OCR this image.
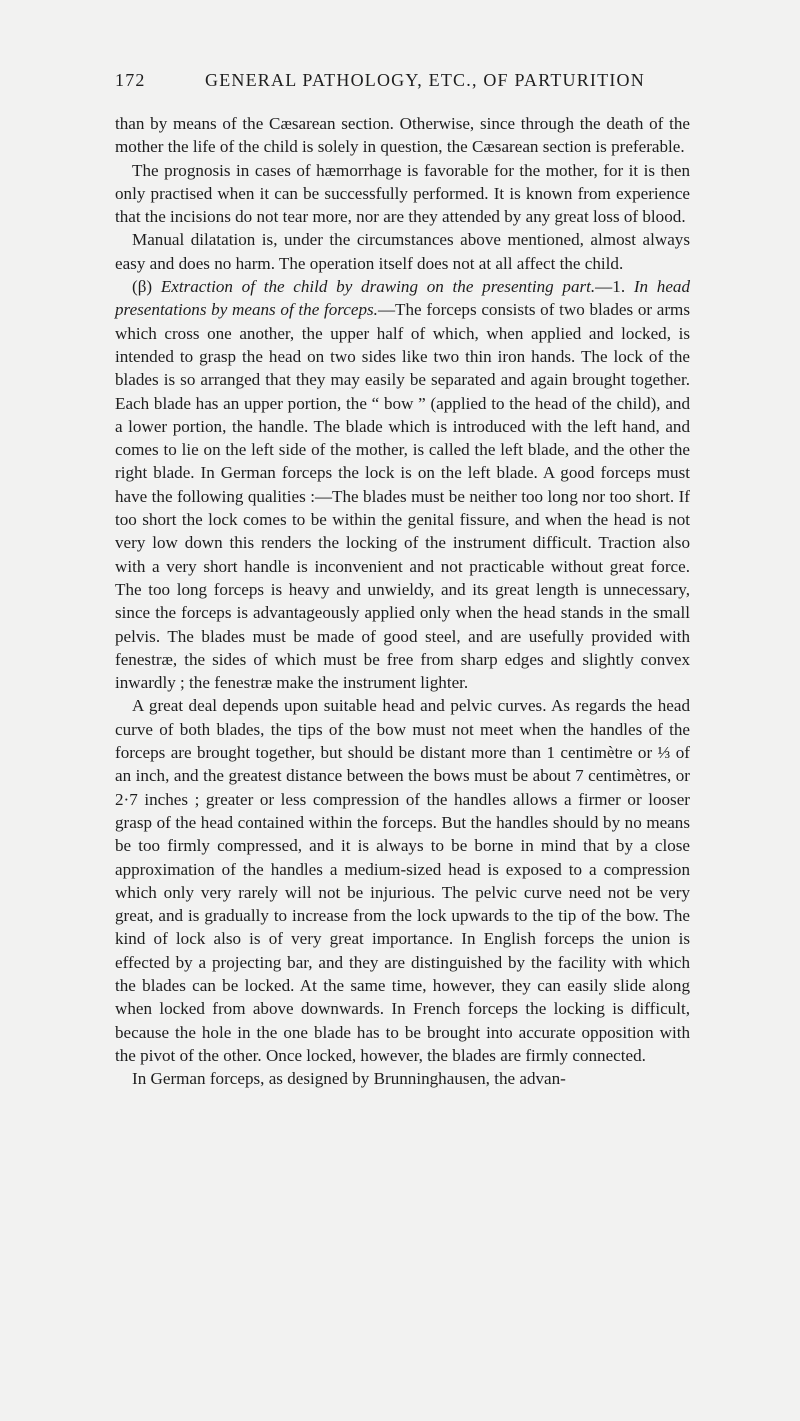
172	GENERAL PATHOLOGY, ETC., OF PARTURITION

than by means of the Cæsarean section. Otherwise, since through the death of the mother the life of the child is solely in question, the Cæsarean section is preferable.

The prognosis in cases of hæmorrhage is favorable for the mother, for it is then only practised when it can be successfully performed. It is known from experience that the incisions do not tear more, nor are they attended by any great loss of blood.

Manual dilatation is, under the circumstances above mentioned, almost always easy and does no harm. The operation itself does not at all affect the child.

(β) Extraction of the child by drawing on the presenting part.—1. In head presentations by means of the forceps.—The forceps consists of two blades or arms which cross one another, the upper half of which, when applied and locked, is intended to grasp the head on two sides like two thin iron hands. The lock of the blades is so arranged that they may easily be separated and again brought together. Each blade has an upper portion, the “ bow ” (applied to the head of the child), and a lower portion, the handle. The blade which is introduced with the left hand, and comes to lie on the left side of the mother, is called the left blade, and the other the right blade. In German forceps the lock is on the left blade. A good forceps must have the following qualities :—The blades must be neither too long nor too short. If too short the lock comes to be within the genital fissure, and when the head is not very low down this renders the locking of the instrument difficult. Traction also with a very short handle is inconvenient and not practicable without great force. The too long forceps is heavy and unwieldy, and its great length is unnecessary, since the forceps is advantageously applied only when the head stands in the small pelvis. The blades must be made of good steel, and are usefully provided with fenestræ, the sides of which must be free from sharp edges and slightly convex inwardly ; the fenestræ make the instrument lighter.

A great deal depends upon suitable head and pelvic curves. As regards the head curve of both blades, the tips of the bow must not meet when the handles of the forceps are brought together, but should be distant more than 1 centimètre or ⅓ of an inch, and the greatest distance between the bows must be about 7 centimètres, or 2·7 inches ; greater or less compression of the handles allows a firmer or looser grasp of the head contained within the forceps. But the handles should by no means be too firmly compressed, and it is always to be borne in mind that by a close approximation of the handles a medium-sized head is exposed to a compression which only very rarely will not be injurious. The pelvic curve need not be very great, and is gradually to increase from the lock upwards to the tip of the bow. The kind of lock also is of very great importance. In English forceps the union is effected by a projecting bar, and they are distinguished by the facility with which the blades can be locked. At the same time, however, they can easily slide along when locked from above downwards. In French forceps the locking is difficult, because the hole in the one blade has to be brought into accurate opposition with the pivot of the other. Once locked, however, the blades are firmly connected.

In German forceps, as designed by Brunninghausen, the advan-
